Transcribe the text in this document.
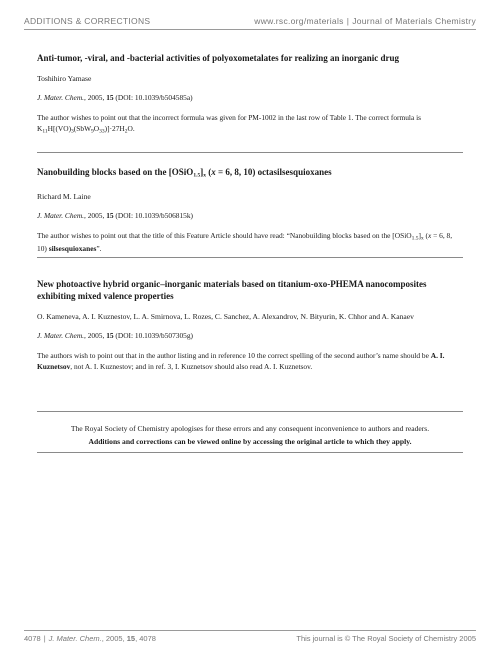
ADDITIONS & CORRECTIONS	www.rsc.org/materials | Journal of Materials Chemistry

Anti-tumor, -viral, and -bacterial activities of polyoxometalates for realizing an inorganic drug

Toshihiro Yamase
J. Mater. Chem., 2005, 15 (DOI: 10.1039/b504585a)
The author wishes to point out that the incorrect formula was given for PM-1002 in the last row of Table 1. The correct formula is $K_{11}H[(VO)_3(SbW_9O_{33})]\cdot 27H_2O$.

Nanobuilding blocks based on the $[OSiO_{1.5}]_x$ (x = 6, 8, 10) octasilsesquioxanes

Richard M. Laine
J. Mater. Chem., 2005, 15 (DOI: 10.1039/b506815k)
The author wishes to point out that the title of this Feature Article should have read: “Nanobuilding blocks based on the $[OSiO_{1.5}]_x$ (x = 6, 8, 10) silsesquioxanes”.

New photoactive hybrid organic–inorganic materials based on titanium-oxo-PHEMA nanocomposites exhibiting mixed valence properties

O. Kameneva, A. I. Kuznestov, L. A. Smirnova, L. Rozes, C. Sanchez, A. Alexandrov, N. Bityurin, K. Chhor and A. Kanaev
J. Mater. Chem., 2005, 15 (DOI: 10.1039/b507305g)
The authors wish to point out that in the author listing and in reference 10 the correct spelling of the second author’s name should be A. I. Kuznetsov, not A. I. Kuznestov; and in ref. 3, I. Kuznetsov should also read A. I. Kuznetsov.
The Royal Society of Chemistry apologises for these errors and any consequent inconvenience to authors and readers.
Additions and corrections can be viewed online by accessing the original article to which they apply.
4078 | J. Mater. Chem., 2005, 15, 4078	This journal is © The Royal Society of Chemistry 2005
